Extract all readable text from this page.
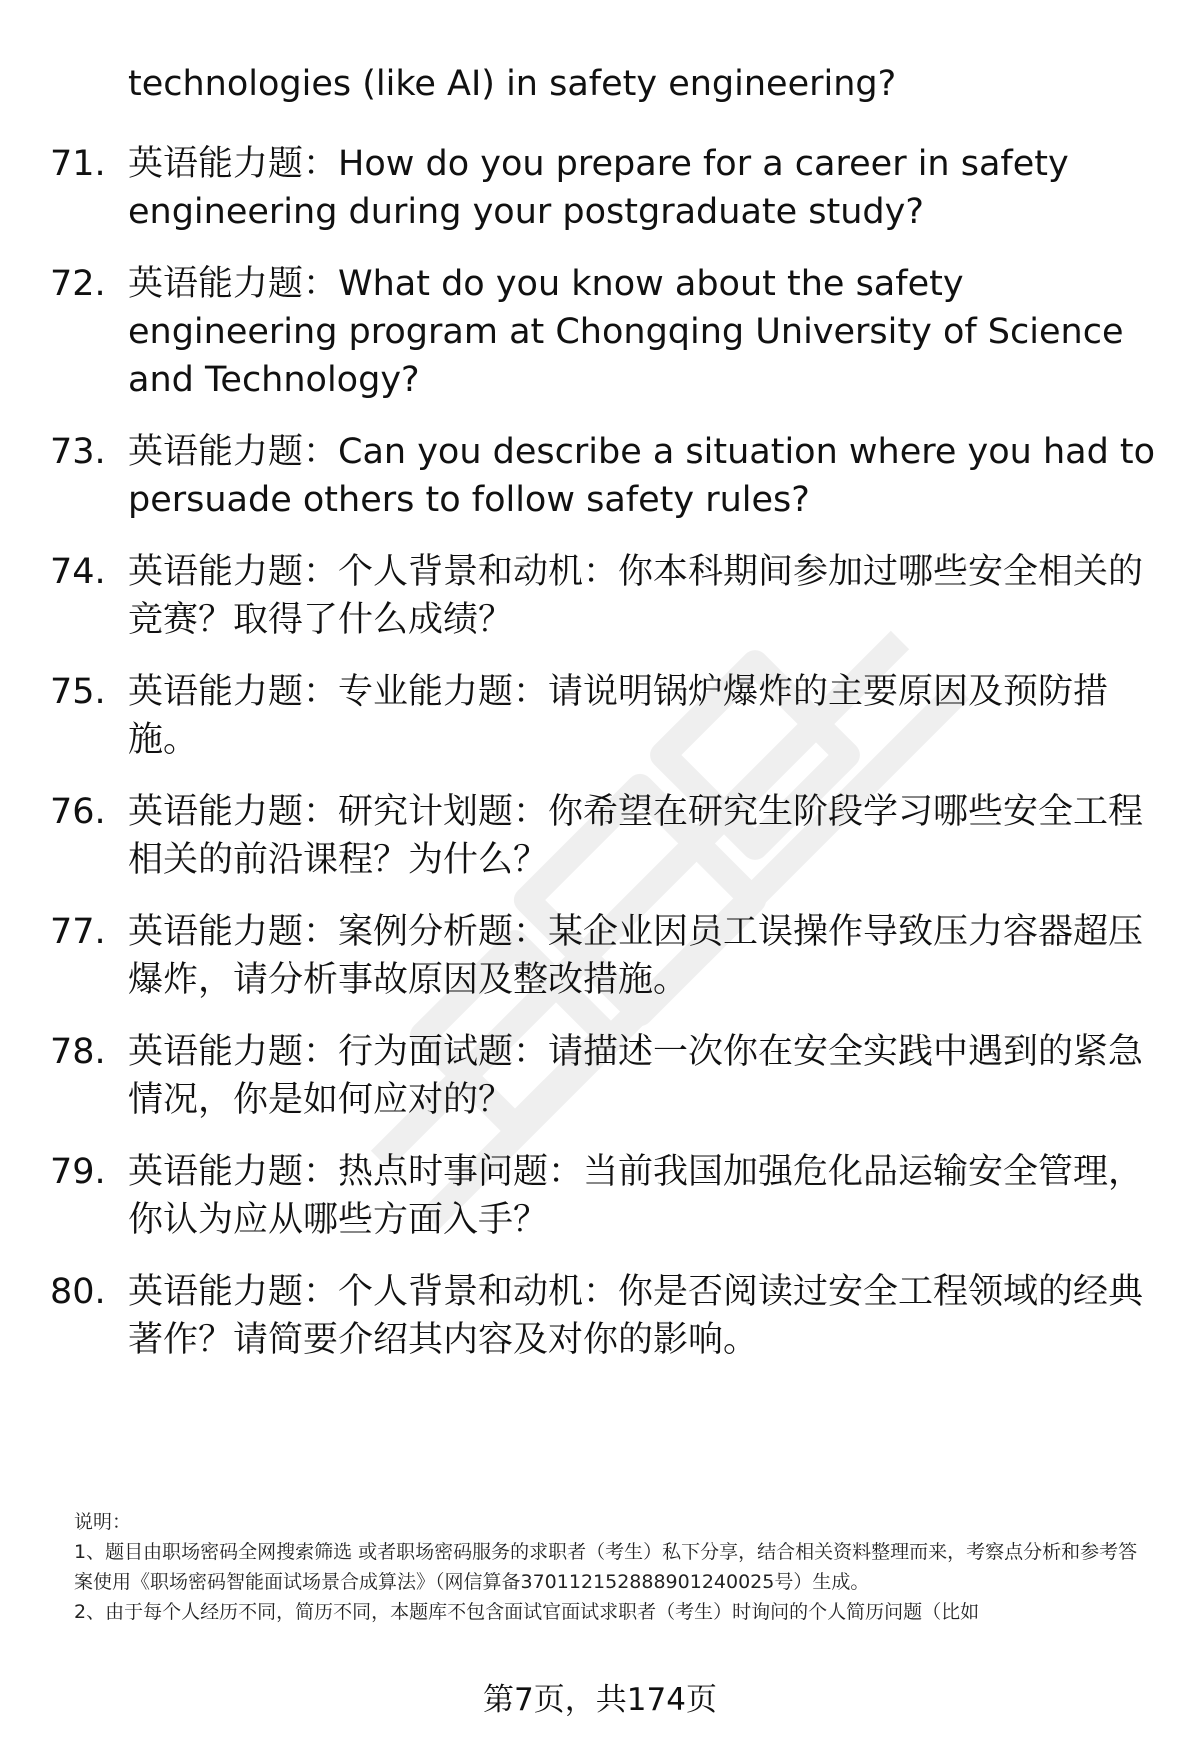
technologies (like AI) in safety engineering?
71. 英语能力题：How do you prepare for a career in safety engineering during your postgraduate study?
72. 英语能力题：What do you know about the safety engineering program at Chongqing University of Science and Technology?
73. 英语能力题：Can you describe a situation where you had to persuade others to follow safety rules?
74. 英语能力题：个人背景和动机：你本科期间参加过哪些安全相关的竞赛？取得了什么成绩？
75. 英语能力题：专业能力题：请说明锅炉爆炸的主要原因及预防措施。
76. 英语能力题：研究计划题：你希望在研究生阶段学习哪些安全工程相关的前沿课程？为什么？
77. 英语能力题：案例分析题：某企业因员工误操作导致压力容器超压爆炸，请分析事故原因及整改措施。
78. 英语能力题：行为面试题：请描述一次你在安全实践中遇到的紧急情况，你是如何应对的？
79. 英语能力题：热点时事问题：当前我国加强危化品运输安全管理，你认为应从哪些方面入手？
80. 英语能力题：个人背景和动机：你是否阅读过安全工程领域的经典著作？请简要介绍其内容及对你的影响。

说明：

1、题目由职场密码全网搜索筛选 或者职场密码服务的求职者（考生）私下分享，结合相关资料整理而来，考察点分析和参考答案使用《职场密码智能面试场景合成算法》（网信算备370112152888901240025号）生成。

2、由于每个人经历不同，简历不同，本题库不包含面试官面试求职者（考生）时询问的个人简历问题（比如

第7页，共174页
